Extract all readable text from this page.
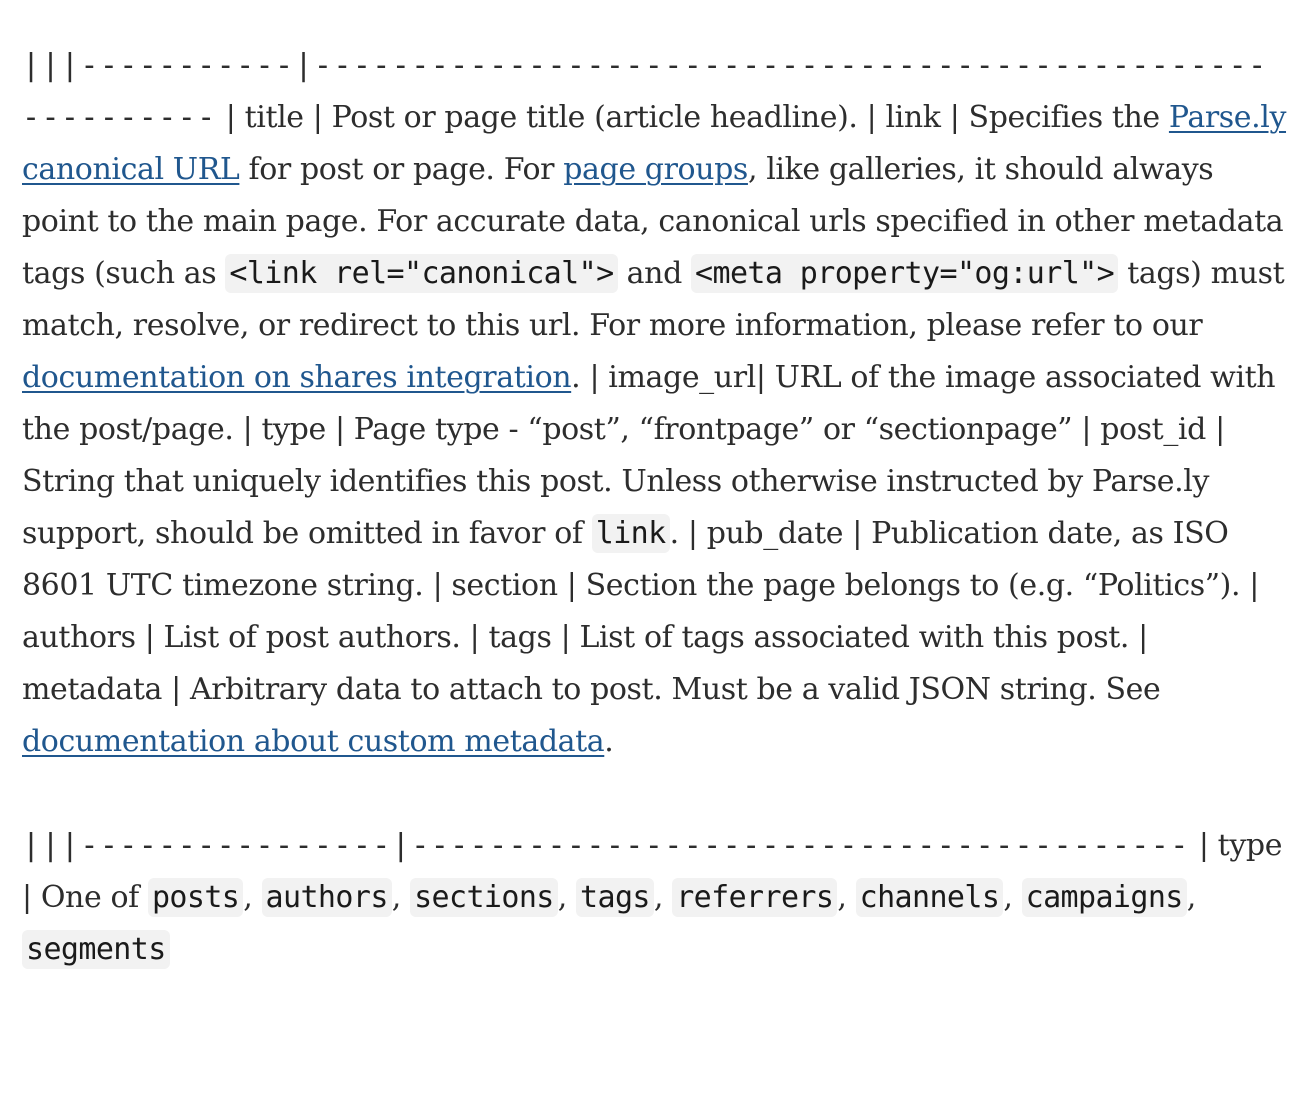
|||-----------|----------------------------------------------------------- | title | Post or page title (article headline). | link | Specifies the Parse.ly canonical URL for post or page. For page groups, like galleries, it should always point to the main page. For accurate data, canonical urls specified in other metadata tags (such as <link rel="canonical"> and <meta property="og:url"> tags) must match, resolve, or redirect to this url. For more information, please refer to our documentation on shares integration. | image_url| URL of the image associated with the post/page. | type | Page type - “post”, “frontpage” or “sectionpage” | post_id | String that uniquely identifies this post. Unless otherwise instructed by Parse.ly support, should be omitted in favor of link . | pub_date | Publication date, as ISO 8601 UTC timezone string. | section | Section the page belongs to (e.g. “Politics”). | authors | List of post authors. | tags | List of tags associated with this post. | metadata | Arbitrary data to attach to post. Must be a valid JSON string. See documentation about custom metadata.

|||----------------|---------------------------------------- | type | One of posts , authors , sections , tags , referrers , channels , campaigns , segments
